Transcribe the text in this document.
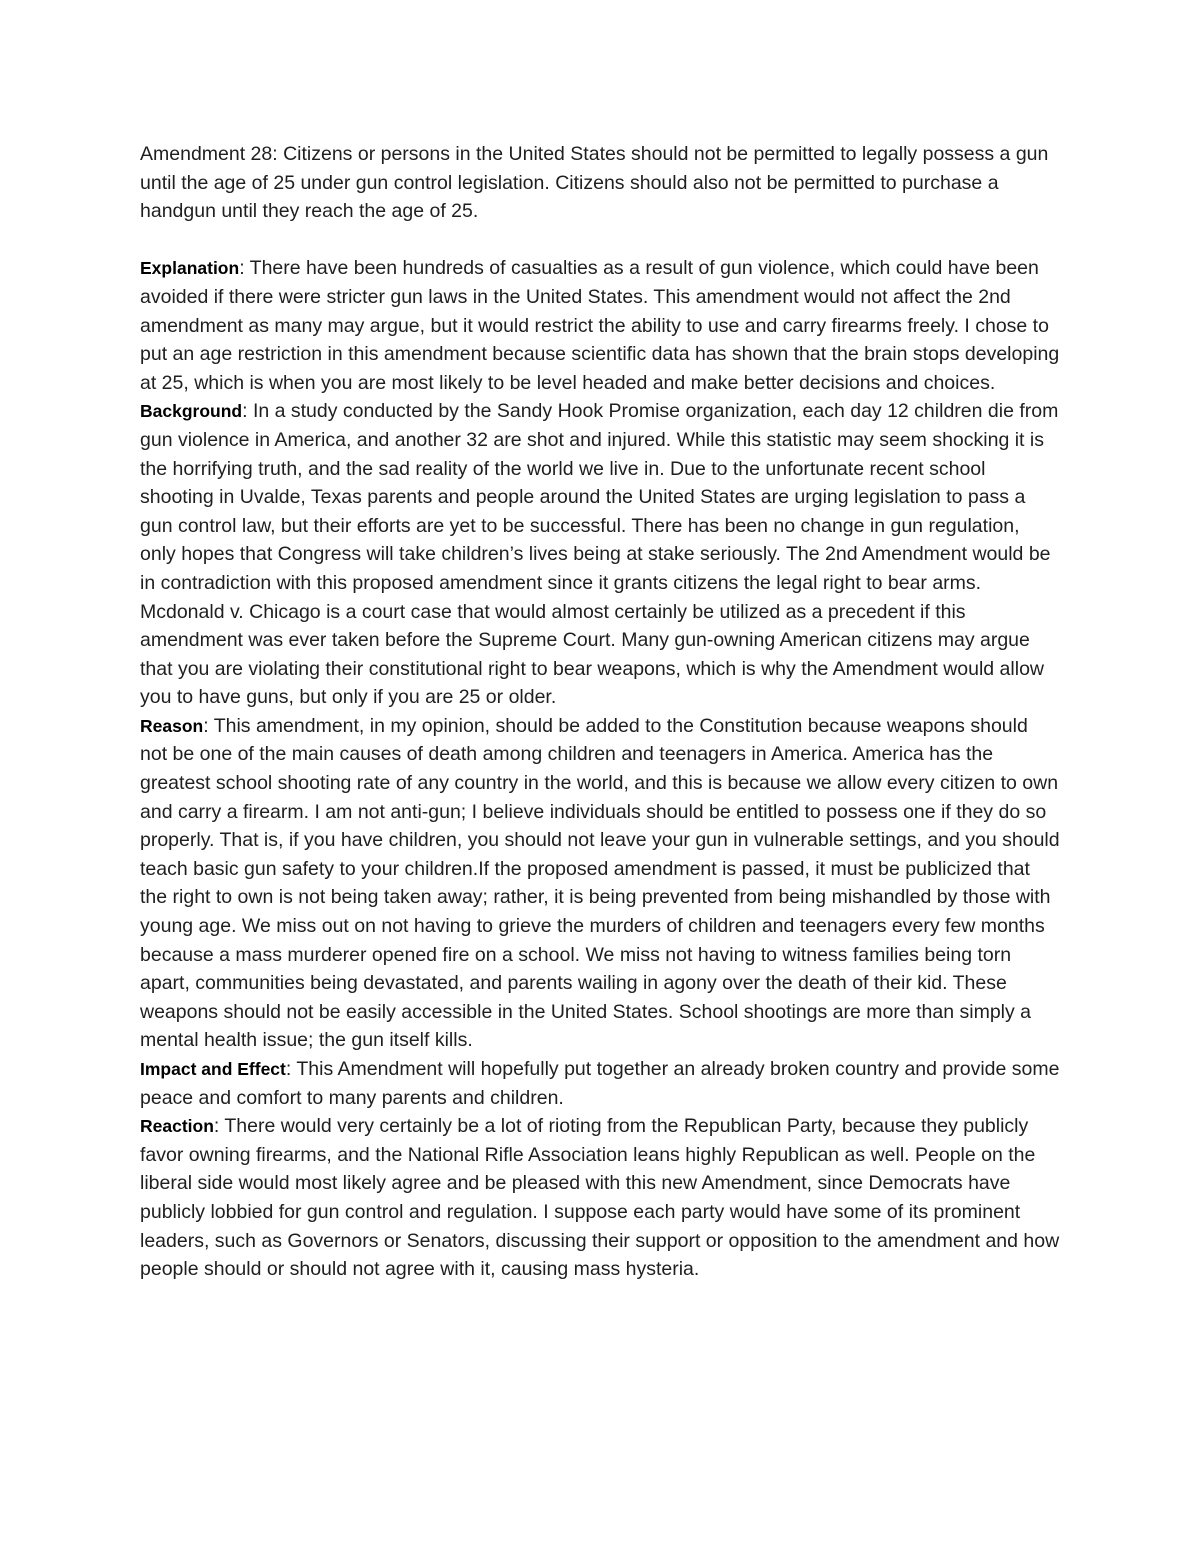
Amendment 28: Citizens or persons in the United States should not be permitted to legally possess a gun until the age of 25 under gun control legislation. Citizens should also not be permitted to purchase a handgun until they reach the age of 25.

Explanation: There have been hundreds of casualties as a result of gun violence, which could have been avoided if there were stricter gun laws in the United States. This amendment would not affect the 2nd amendment as many may argue, but it would restrict the ability to use and carry firearms freely. I chose to put an age restriction in this amendment because scientific data has shown that the brain stops developing at 25, which is when you are most likely to be level headed and make better decisions and choices.

Background: In a study conducted by the Sandy Hook Promise organization, each day 12 children die from gun violence in America, and another 32 are shot and injured. While this statistic may seem shocking it is the horrifying truth, and the sad reality of the world we live in. Due to the unfortunate recent school shooting in Uvalde, Texas parents and people around the United States are urging legislation to pass a gun control law, but their efforts are yet to be successful. There has been no change in gun regulation, only hopes that Congress will take children’s lives being at stake seriously. The 2nd Amendment would be in contradiction with this proposed amendment since it grants citizens the legal right to bear arms. Mcdonald v. Chicago is a court case that would almost certainly be utilized as a precedent if this amendment was ever taken before the Supreme Court. Many gun-owning American citizens may argue that you are violating their constitutional right to bear weapons, which is why the Amendment would allow you to have guns, but only if you are 25 or older.

Reason: This amendment, in my opinion, should be added to the Constitution because weapons should not be one of the main causes of death among children and teenagers in America. America has the greatest school shooting rate of any country in the world, and this is because we allow every citizen to own and carry a firearm. I am not anti-gun; I believe individuals should be entitled to possess one if they do so properly. That is, if you have children, you should not leave your gun in vulnerable settings, and you should teach basic gun safety to your children.If the proposed amendment is passed, it must be publicized that the right to own is not being taken away; rather, it is being prevented from being mishandled by those with young age. We miss out on not having to grieve the murders of children and teenagers every few months because a mass murderer opened fire on a school. We miss not having to witness families being torn apart, communities being devastated, and parents wailing in agony over the death of their kid. These weapons should not be easily accessible in the United States. School shootings are more than simply a mental health issue; the gun itself kills.

Impact and Effect: This Amendment will hopefully put together an already broken country and provide some peace and comfort to many parents and children.

Reaction: There would very certainly be a lot of rioting from the Republican Party, because they publicly favor owning firearms, and the National Rifle Association leans highly Republican as well. People on the liberal side would most likely agree and be pleased with this new Amendment, since Democrats have publicly lobbied for gun control and regulation. I suppose each party would have some of its prominent leaders, such as Governors or Senators, discussing their support or opposition to the amendment and how people should or should not agree with it, causing mass hysteria.
